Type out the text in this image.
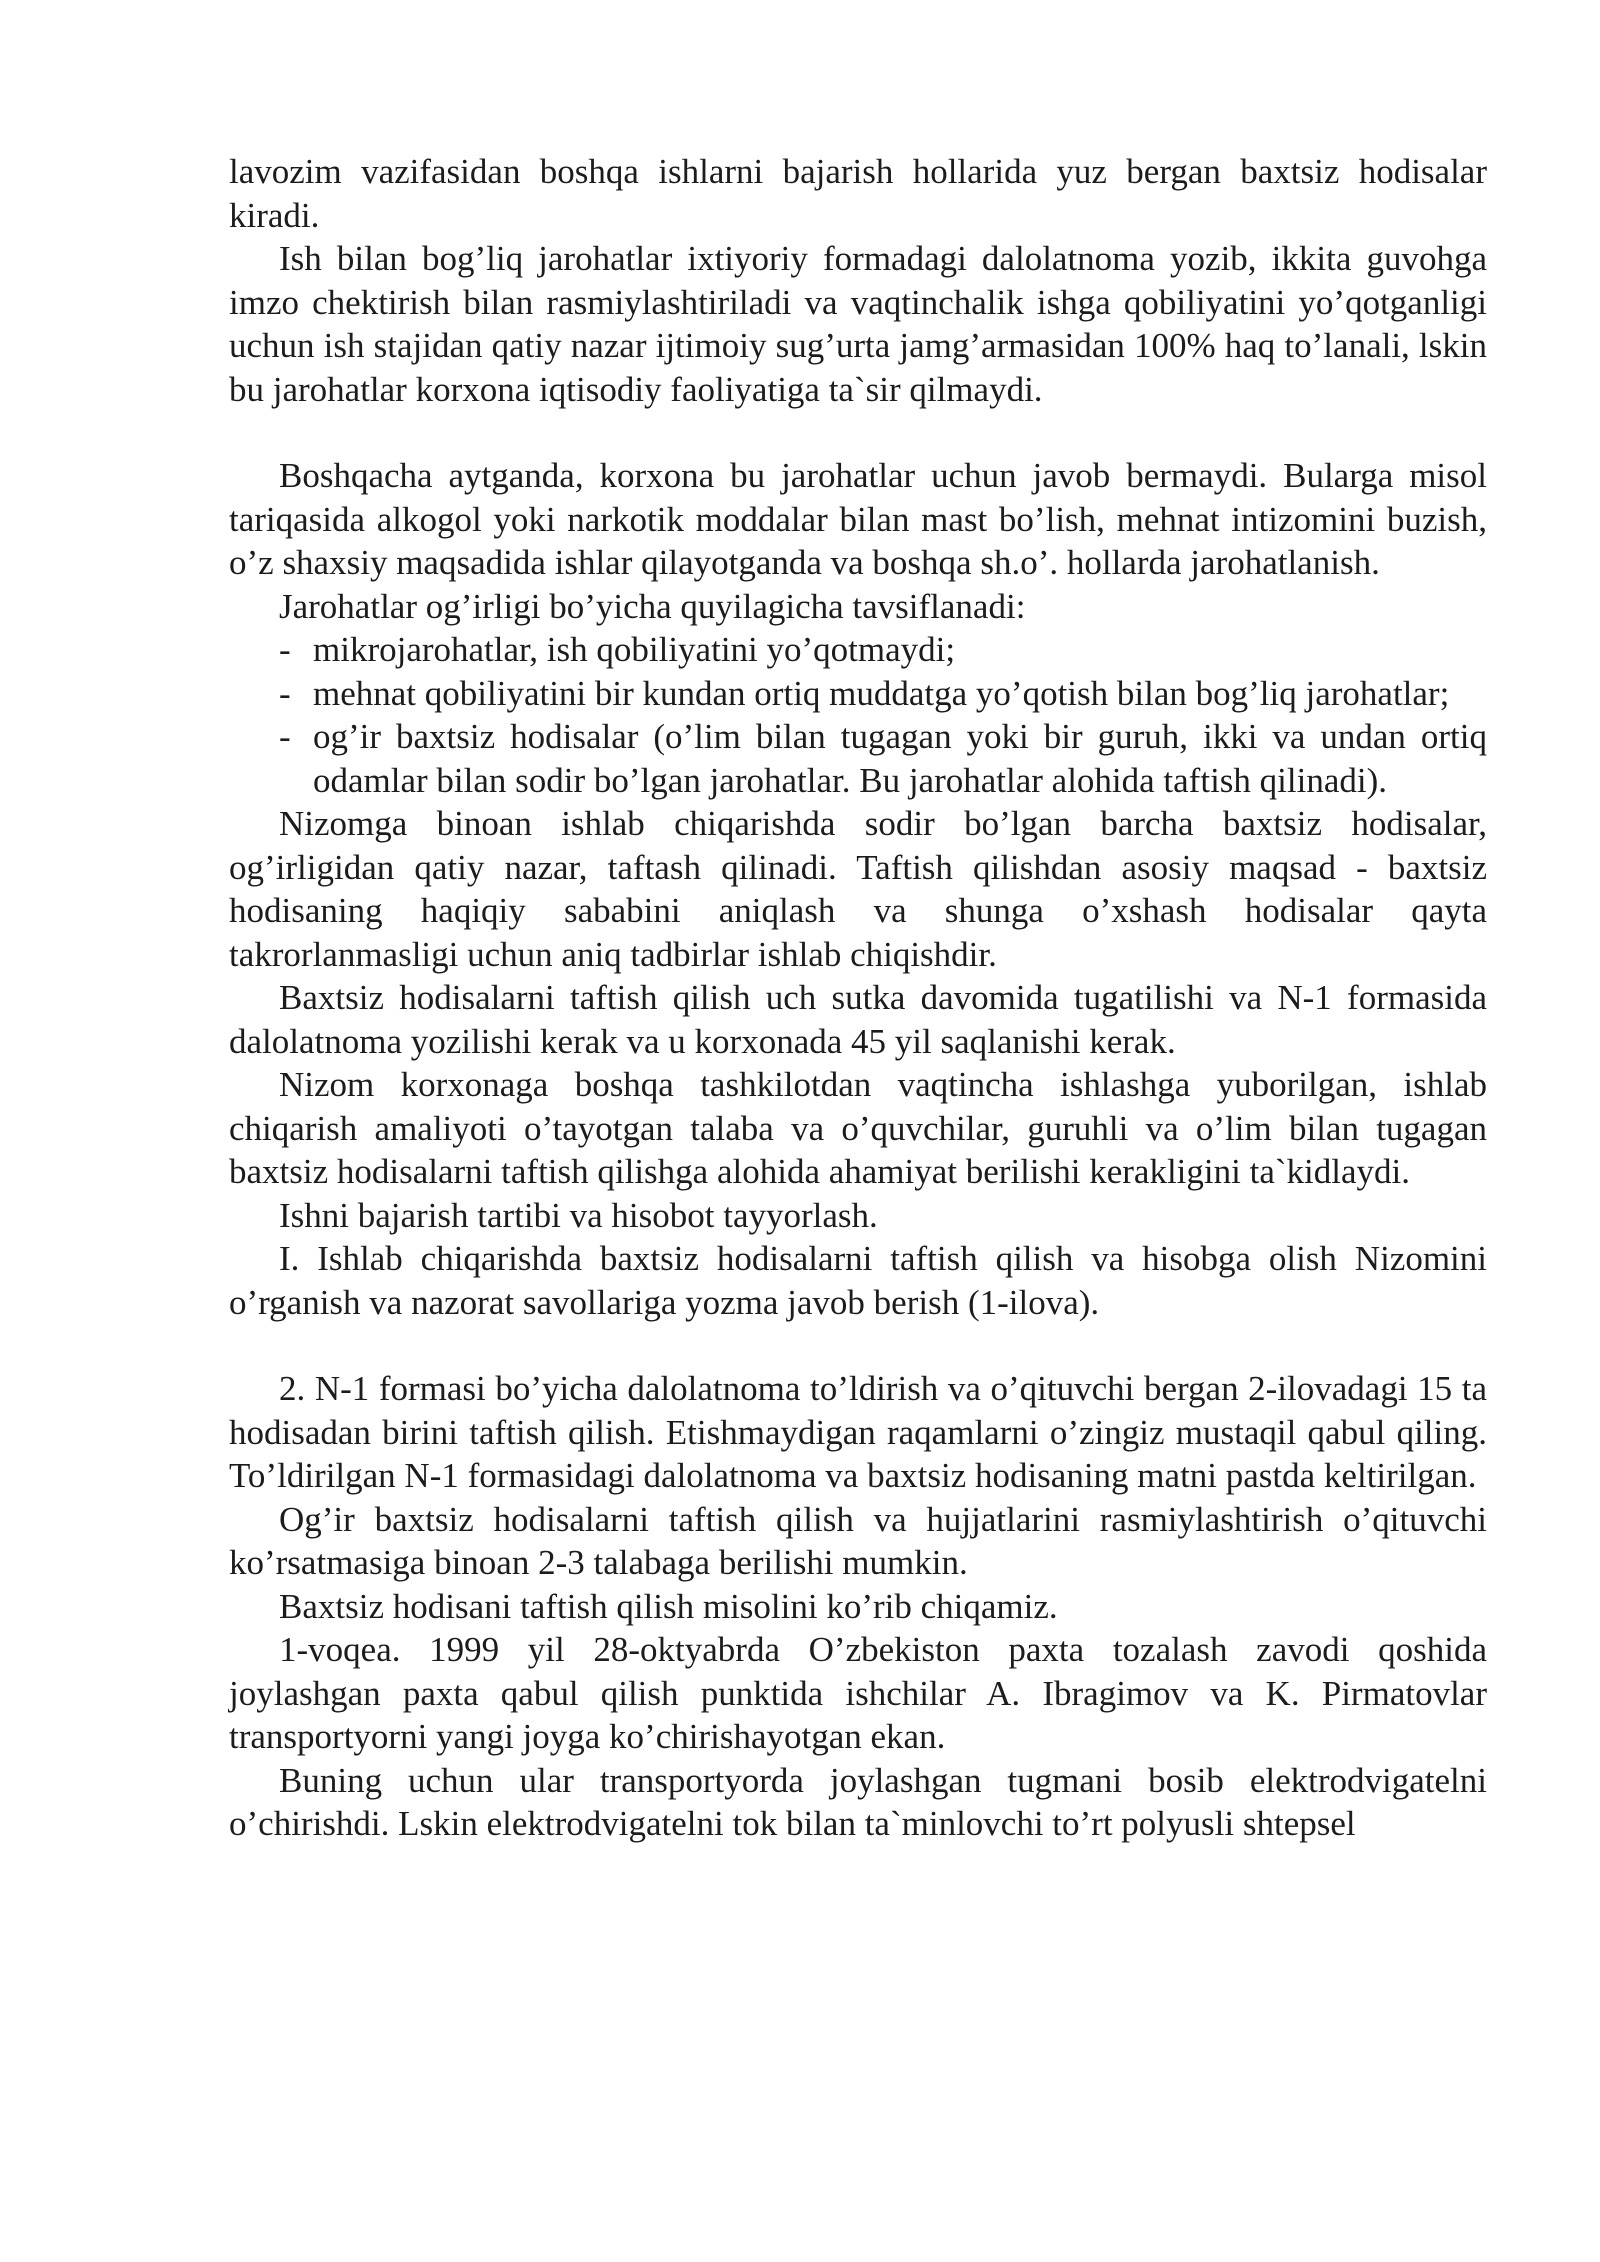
lavozim vazifasidan boshqa ishlarni bajarish hollarida yuz bergan baxtsiz hodisalar kiradi.

Ish bilan bog’liq jarohatlar ixtiyoriy formadagi dalolatnoma yozib, ikkita guvohga imzo chektirish bilan rasmiylashtiriladi va vaqtinchalik ishga qobiliyatini yo’qotganligi uchun ish stajidan qatiy nazar ijtimoiy sug’urta jamg’armasidan 100% haq to’lanali, lskin bu jarohatlar korxona iqtisodiy faoliyatiga ta`sir qilmaydi.

Boshqacha aytganda, korxona bu jarohatlar uchun javob bermaydi. Bularga misol tariqasida alkogol yoki narkotik moddalar bilan mast bo’lish, mehnat intizomini buzish, o’z shaxsiy maqsadida ishlar qilayotganda va boshqa sh.o’. hollarda jarohatlanish.

Jarohatlar og’irligi bo’yicha quyilagicha tavsiflanadi:

- mikrojarohatlar, ish qobiliyatini yo’qotmaydi;
- mehnat qobiliyatini bir kundan ortiq muddatga yo’qotish bilan bog’liq jarohatlar;
- og’ir baxtsiz hodisalar (o’lim bilan tugagan yoki bir guruh, ikki va undan ortiq odamlar bilan sodir bo’lgan jarohatlar. Bu jarohatlar alohida taftish qilinadi).

Nizomga binoan ishlab chiqarishda sodir bo’lgan barcha baxtsiz hodisalar, og’irligidan qatiy nazar, taftash qilinadi. Taftish qilishdan asosiy maqsad - baxtsiz hodisaning haqiqiy sababini aniqlash va shunga o’xshash hodisalar qayta takrorlanmasligi uchun aniq tadbirlar ishlab chiqishdir.

Baxtsiz hodisalarni taftish qilish uch sutka davomida tugatilishi va N-1 formasida dalolatnoma yozilishi kerak va u korxonada 45 yil saqlanishi kerak.

Nizom korxonaga boshqa tashkilotdan vaqtincha ishlashga yuborilgan, ishlab chiqarish amaliyoti o’tayotgan talaba va o’quvchilar, guruhli va o’lim bilan tugagan baxtsiz hodisalarni taftish qilishga alohida ahamiyat berilishi kerakligini ta`kidlaydi.

Ishni bajarish tartibi va hisobot tayyorlash.

I. Ishlab chiqarishda baxtsiz hodisalarni taftish qilish va hisobga olish Nizomini o’rganish va nazorat savollariga yozma javob berish (1-ilova).

2. N-1 formasi bo’yicha dalolatnoma to’ldirish va o’qituvchi bergan 2-ilovadagi 15 ta hodisadan birini taftish qilish. Etishmaydigan raqamlarni o’zingiz mustaqil qabul qiling. To’ldirilgan N-1 formasidagi dalolatnoma va baxtsiz hodisaning matni pastda keltirilgan.

Og’ir baxtsiz hodisalarni taftish qilish va hujjatlarini rasmiylashtirish o’qituvchi ko’rsatmasiga binoan 2-3 talabaga berilishi mumkin.

Baxtsiz hodisani taftish qilish misolini ko’rib chiqamiz.

1-voqea. 1999 yil 28-oktyabrda O’zbekiston paxta tozalash zavodi qoshida joylashgan paxta qabul qilish punktida ishchilar A. Ibragimov va K. Pirmatovlar transportyorni yangi joyga ko’chirishayotgan ekan.

Buning uchun ular transportyorda joylashgan tugmani bosib elektrodvigatelni o’chirishdi. Lskin elektrodvigatelni tok bilan ta`minlovchi to’rt polyusli shtepsel
